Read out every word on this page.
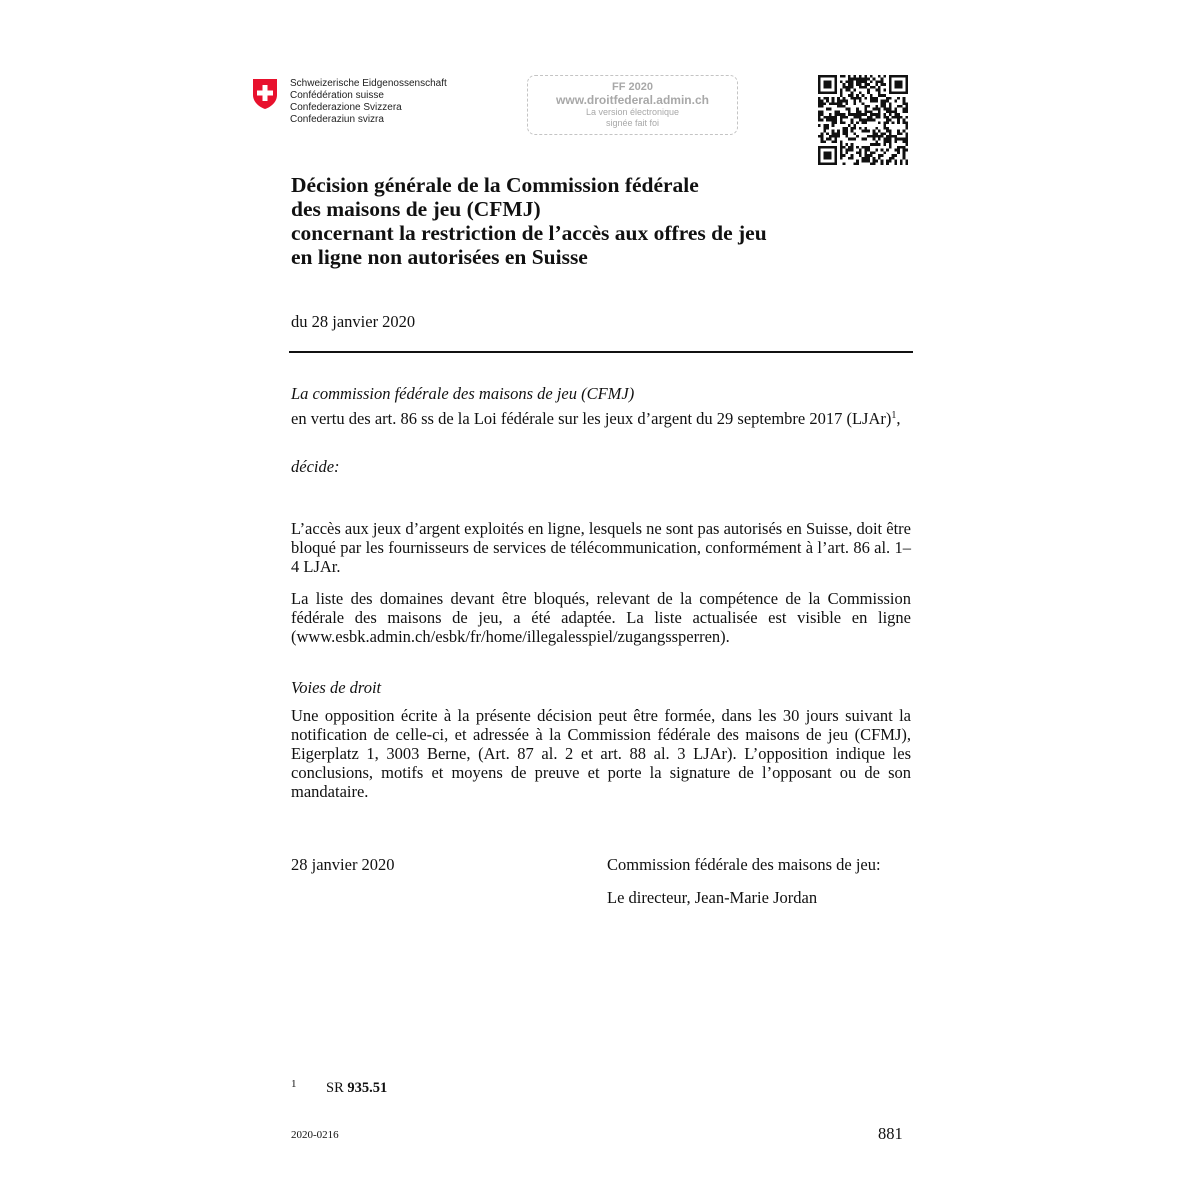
Schweizerische Eidgenossenschaft
Confédération suisse
Confederazione Svizzera
Confederaziun svizra
FF 2020
www.droitfederal.admin.ch
La version électronique
signée fait foi
Décision générale de la Commission fédérale
des maisons de jeu (CFMJ)
concernant la restriction de l’accès aux offres de jeu
en ligne non autorisées en Suisse
du 28 janvier 2020
La commission fédérale des maisons de jeu (CFMJ)
en vertu des art. 86 ss de la Loi fédérale sur les jeux d’argent du 29 septembre 2017 (LJAr)$^1$,
décide:
L’accès aux jeux d’argent exploités en ligne, lesquels ne sont pas autorisés en Suisse, doit être bloqué par les fournisseurs de services de télécommunication, conformément à l’art. 86 al. 1–4 LJAr.
La liste des domaines devant être bloqués, relevant de la compétence de la Commission fédérale des maisons de jeu, a été adaptée. La liste actualisée est visible en ligne (www.esbk.admin.ch/esbk/fr/home/illegalesspiel/zugangssperren).
Voies de droit
Une opposition écrite à la présente décision peut être formée, dans les 30 jours suivant la notification de celle-ci, et adressée à la Commission fédérale des maisons de jeu (CFMJ), Eigerplatz 1, 3003 Berne, (Art. 87 al. 2 et art. 88 al. 3 LJAr). L’opposition indique les conclusions, motifs et moyens de preuve et porte la signature de l’opposant ou de son mandataire.
28 janvier 2020	Commission fédérale des maisons de jeu:
Le directeur, Jean-Marie Jordan
1 SR 935.51
2020-0216	881
